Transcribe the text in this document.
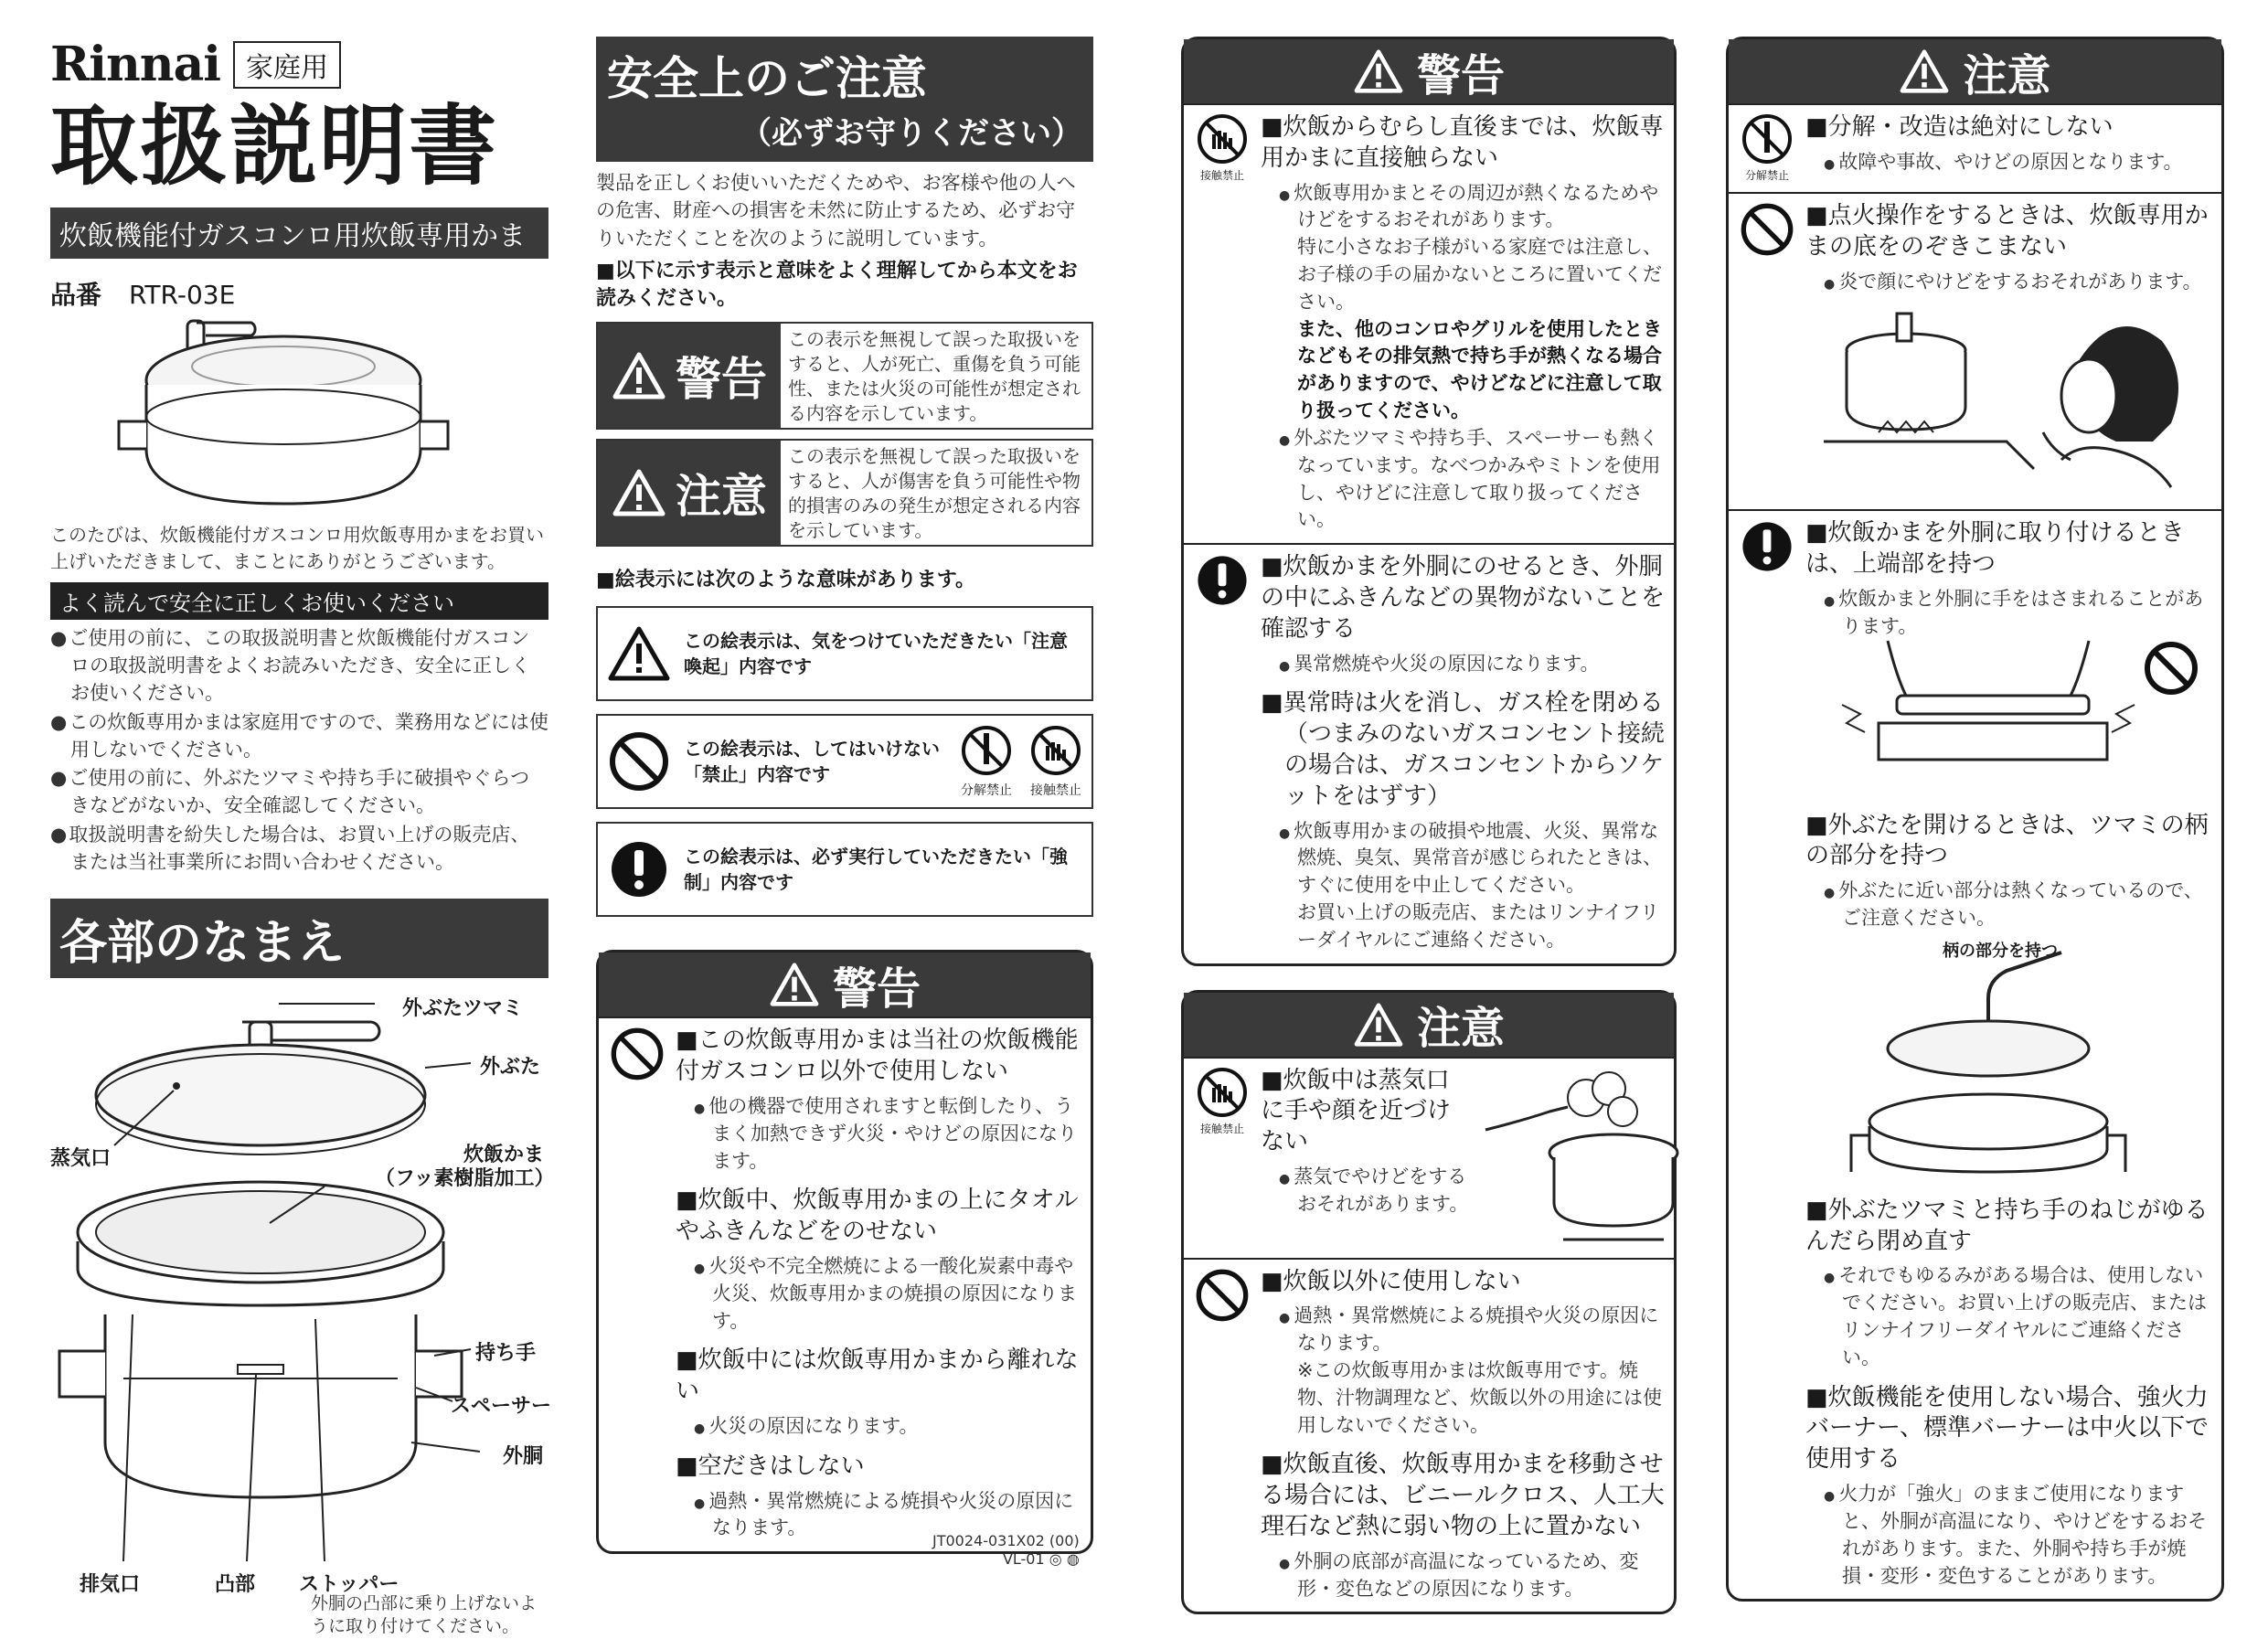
Rinnai 家庭用
取扱説明書
炊飯機能付ガスコンロ用炊飯専用かま
品番 RTR-03E

このたびは、炊飯機能付ガスコンロ用炊飯専用かまをお買い上げいただきまして、まことにありがとうございます。

よく読んで安全に正しくお使いください
● ご使用の前に、この取扱説明書と炊飯機能付ガスコンロの取扱説明書をよくお読みいただき、安全に正しくお使いください。
● この炊飯専用かまは家庭用ですので、業務用などには使用しないでください。
● ご使用の前に、外ぶたツマミや持ち手に破損やぐらつきなどがないか、安全確認してください。
● 取扱説明書を紛失した場合は、お買い上げの販売店、または当社事業所にお問い合わせください。
各部のなまえ
外ぶたツマミ
外ぶた
蒸気口	炊飯かま
（フッ素樹脂加工）
持ち手
スペーサー
外胴
排気口	凸部 ストッパー
外胴の凸部に乗り上げないように取り付けてください。
安全上のご注意
（必ずお守りください）

製品を正しくお使いいただくためや、お客様や他の人への危害、財産への損害を未然に防止するため、必ずお守りいただくことを次のように説明しています。

■以下に示す表示と意味をよく理解してから本文をお読みください。

警告
この表示を無視して誤った取扱いをすると、人が死亡、重傷を負う可能性、または火災の可能性が想定される内容を示しています。
注意
この表示を無視して誤った取扱いをすると、人が傷害を負う可能性や物的損害のみの発生が想定される内容を示しています。

■絵表示には次のような意味があります。

この絵表示は、気をつけていただきたい「注意喚起」内容です
この絵表示は、してはいけない「禁止」内容です
分解禁止 接触禁止
この絵表示は、必ず実行していただきたい「強制」内容です
警告
■ この炊飯専用かまは当社の炊飯機能付ガスコンロ以外で使用しない
● 他の機器で使用されますと転倒したり、うまく加熱できず火災・やけどの原因になります。
■ 炊飯中、炊飯専用かまの上にタオルやふきんなどをのせない
● 火災や不完全燃焼による一酸化炭素中毒や火災、炊飯専用かまの焼損の原因になります。
■ 炊飯中には炊飯専用かまから離れない
● 火災の原因になります。
■ 空だきはしない
● 過熱・異常燃焼による焼損や火災の原因になります。
JT0024-031X02 (00)
VL-01 ◎ ◍
警告
接触禁止
■ 炊飯からむらし直後までは、炊飯専用かまに直接触らない
● 炊飯専用かまとその周辺が熱くなるためやけどをするおそれがあります。
特に小さなお子様がいる家庭では注意し、お子様の手の届かないところに置いてください。
また、他のコンロやグリルを使用したときなどもその排気熱で持ち手が熱くなる場合がありますので、やけどなどに注意して取り扱ってください。
● 外ぶたツマミや持ち手、スペーサーも熱くなっています。なべつかみやミトンを使用し、やけどに注意して取り扱ってください。
■ 炊飯かまを外胴にのせるとき、外胴の中にふきんなどの異物がないことを確認する
● 異常燃焼や火災の原因になります。
■ 異常時は火を消し、ガス栓を閉める
（つまみのないガスコンセント接続の場合は、ガスコンセントからソケットをはずす）
● 炊飯専用かまの破損や地震、火災、異常な燃焼、臭気、異常音が感じられたときは、すぐに使用を中止してください。
お買い上げの販売店、またはリンナイフリーダイヤルにご連絡ください。
注意
接触禁止
■ 炊飯中は蒸気口に手や顔を近づけない
● 蒸気でやけどをするおそれがあります。
■ 炊飯以外に使用しない
● 過熱・異常燃焼による焼損や火災の原因になります。
※この炊飯専用かまは炊飯専用です。焼物、汁物調理など、炊飯以外の用途には使用しないでください。
■ 炊飯直後、炊飯専用かまを移動させる場合には、ビニールクロス、人工大理石など熱に弱い物の上に置かない
● 外胴の底部が高温になっているため、変形・変色などの原因になります。
注意
分解禁止
■ 分解・改造は絶対にしない
● 故障や事故、やけどの原因となります。
■ 点火操作をするときは、炊飯専用かまの底をのぞきこまない
● 炎で顔にやけどをするおそれがあります。
■ 炊飯かまを外胴に取り付けるときは、上端部を持つ
● 炊飯かまと外胴に手をはさまれることがあります。
■ 外ぶたを開けるときは、ツマミの柄の部分を持つ
● 外ぶたに近い部分は熱くなっているので、ご注意ください。
柄の部分を持つ
■ 外ぶたツマミと持ち手のねじがゆるんだら閉め直す
● それでもゆるみがある場合は、使用しないでください。お買い上げの販売店、またはリンナイフリーダイヤルにご連絡ください。
■ 炊飯機能を使用しない場合、強火力バーナー、標準バーナーは中火以下で使用する
● 火力が「強火」のままご使用になりますと、外胴が高温になり、やけどをするおそれがあります。また、外胴や持ち手が焼損・変形・変色することがあります。
